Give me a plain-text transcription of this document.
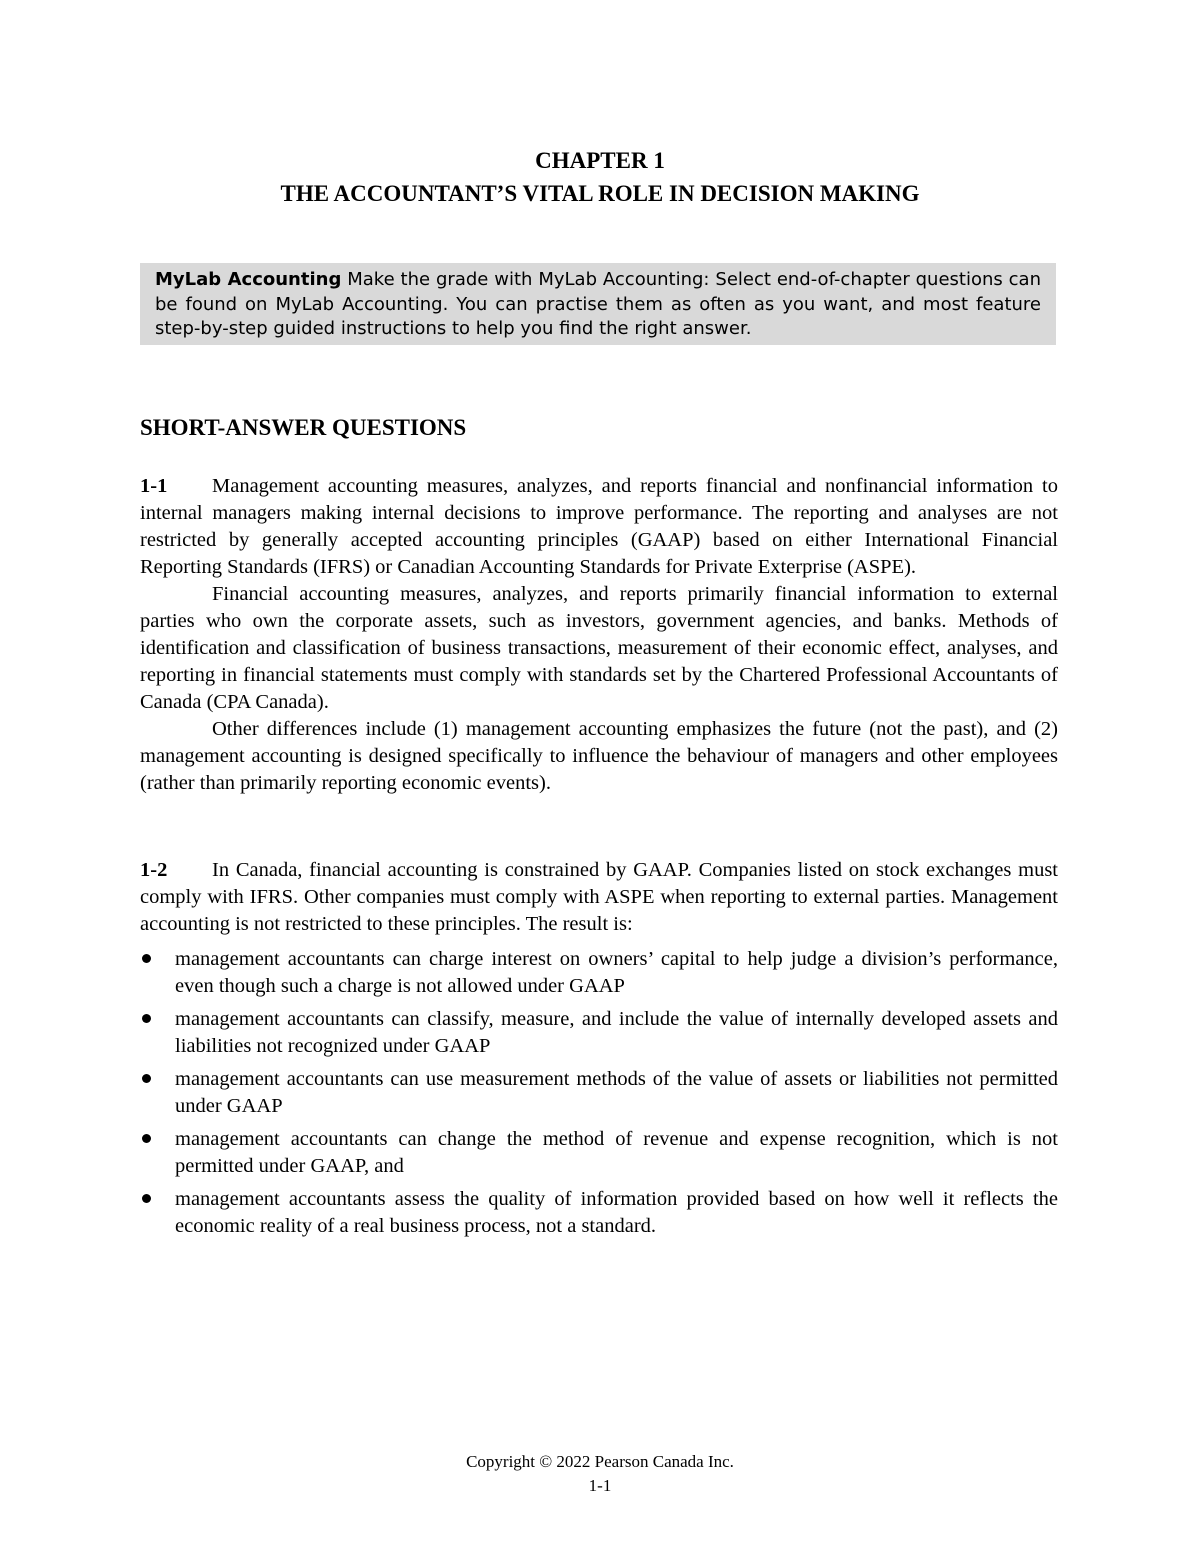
CHAPTER 1
THE ACCOUNTANT’S VITAL ROLE IN DECISION MAKING
MyLab Accounting Make the grade with MyLab Accounting: Select end-of-chapter questions can be found on MyLab Accounting. You can practise them as often as you want, and most feature step-by-step guided instructions to help you find the right answer.
SHORT-ANSWER QUESTIONS

1-1 Management accounting measures, analyzes, and reports financial and nonfinancial information to internal managers making internal decisions to improve performance. The reporting and analyses are not restricted by generally accepted accounting principles (GAAP) based on either International Financial Reporting Standards (IFRS) or Canadian Accounting Standards for Private Exterprise (ASPE).

Financial accounting measures, analyzes, and reports primarily financial information to external parties who own the corporate assets, such as investors, government agencies, and banks. Methods of identification and classification of business transactions, measurement of their economic effect, analyses, and reporting in financial statements must comply with standards set by the Chartered Professional Accountants of Canada (CPA Canada).

Other differences include (1) management accounting emphasizes the future (not the past), and (2) management accounting is designed specifically to influence the behaviour of managers and other employees (rather than primarily reporting economic events).

1-2 In Canada, financial accounting is constrained by GAAP. Companies listed on stock exchanges must comply with IFRS. Other companies must comply with ASPE when reporting to external parties. Management accounting is not restricted to these principles. The result is:

management accountants can charge interest on owners’ capital to help judge a division’s performance, even though such a charge is not allowed under GAAP
management accountants can classify, measure, and include the value of internally developed assets and liabilities not recognized under GAAP
management accountants can use measurement methods of the value of assets or liabilities not permitted under GAAP
management accountants can change the method of revenue and expense recognition, which is not permitted under GAAP, and
management accountants assess the quality of information provided based on how well it reflects the economic reality of a real business process, not a standard.
Copyright © 2022 Pearson Canada Inc.
1-1
